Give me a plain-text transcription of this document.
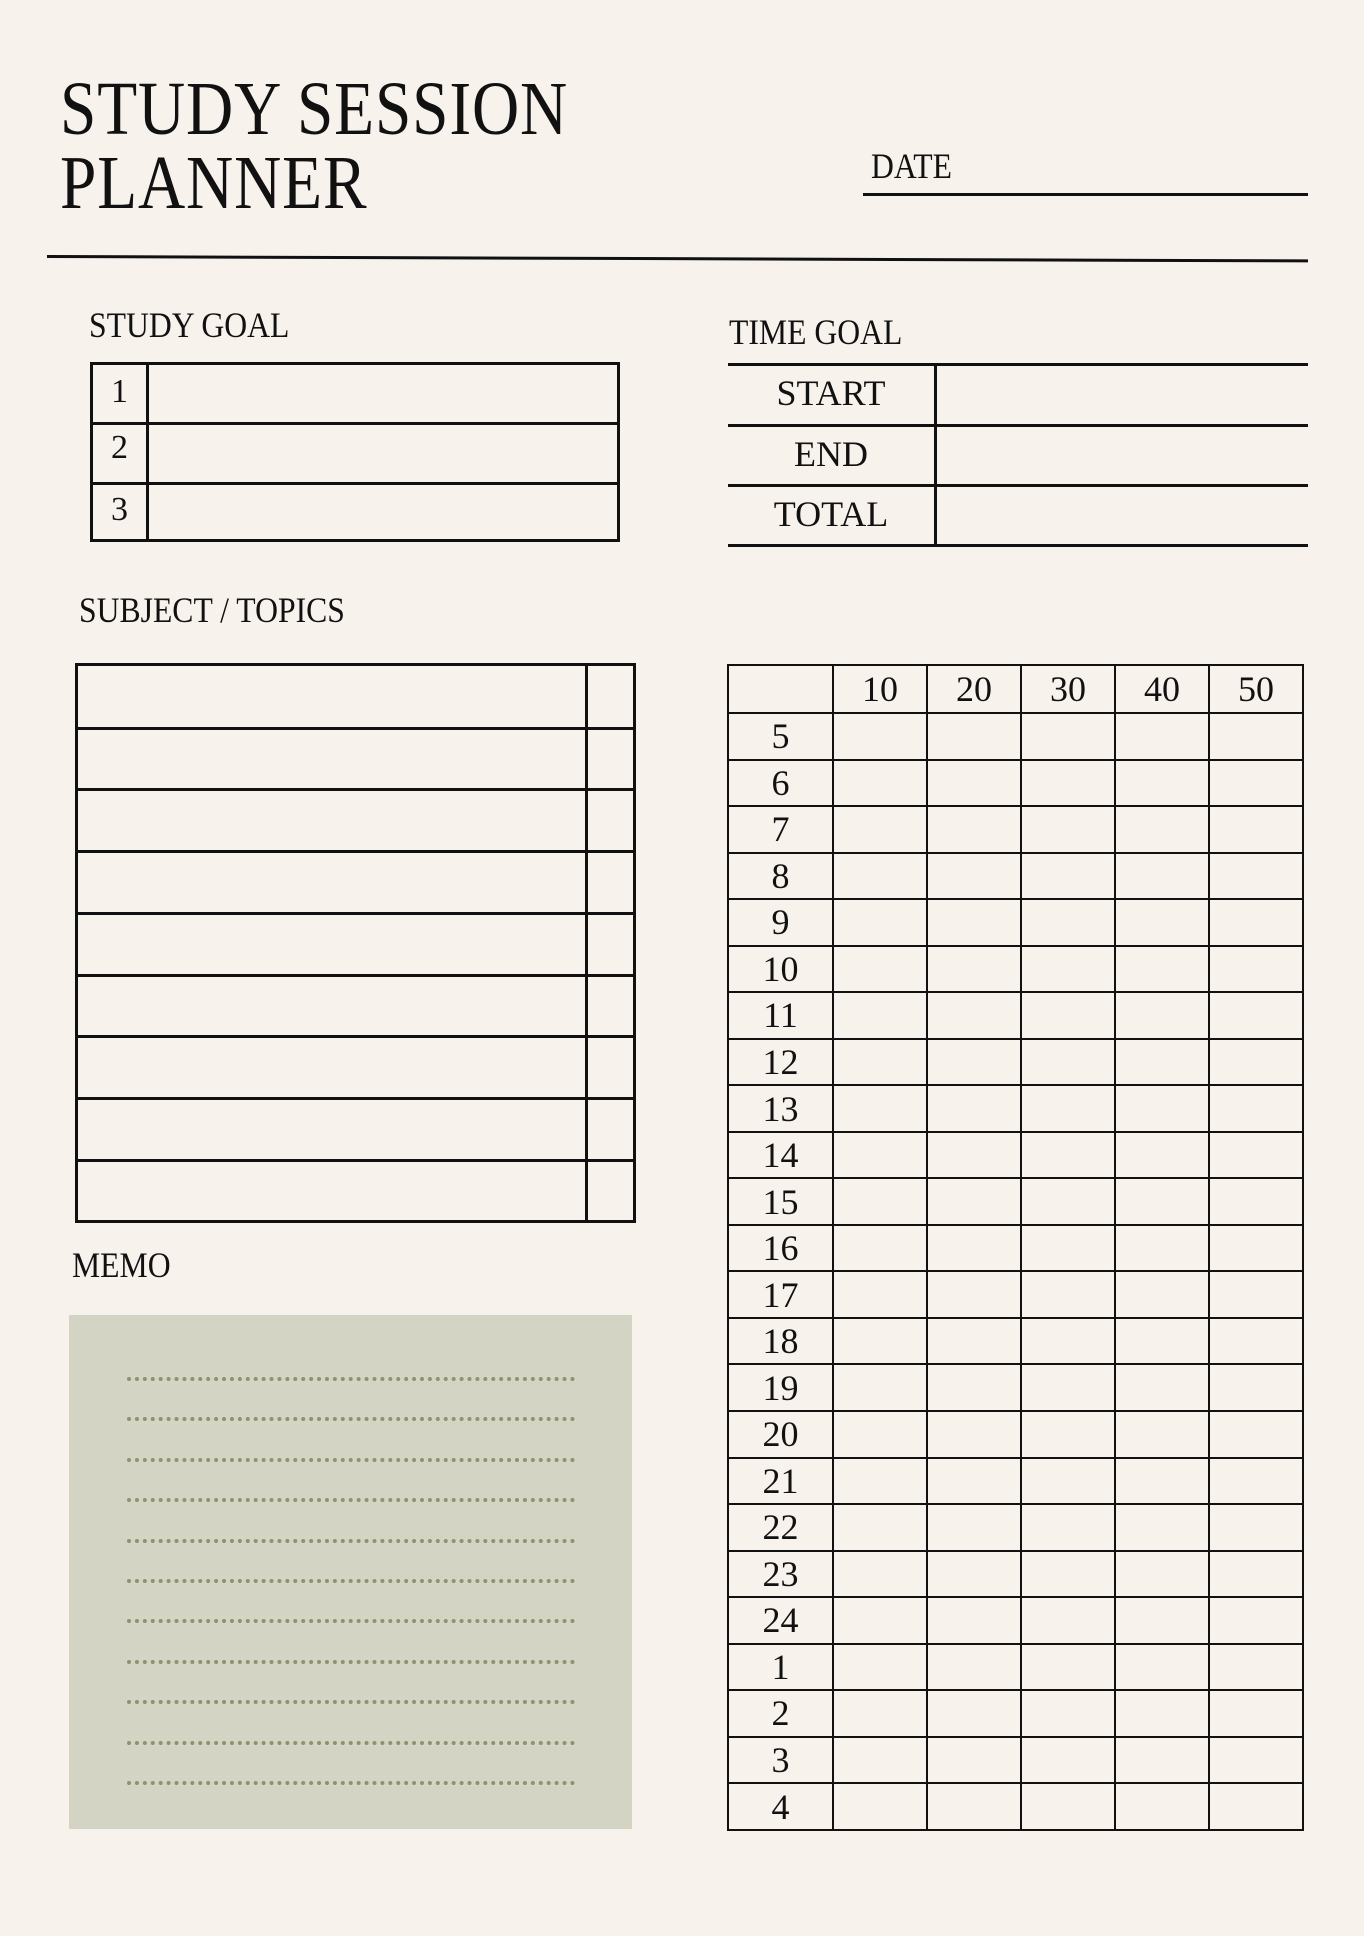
STUDY SESSION
PLANNER	DATE
STUDY GOAL
1
2
3
TIME GOAL
START
END
TOTAL
SUBJECT / TOPICS
MEMO
	10	20	30	40	50
5					
6					
7					
8					
9					
10					
11					
12					
13					
14					
15					
16					
17					
18					
19					
20					
21					
22					
23					
24					
1					
2					
3					
4					
